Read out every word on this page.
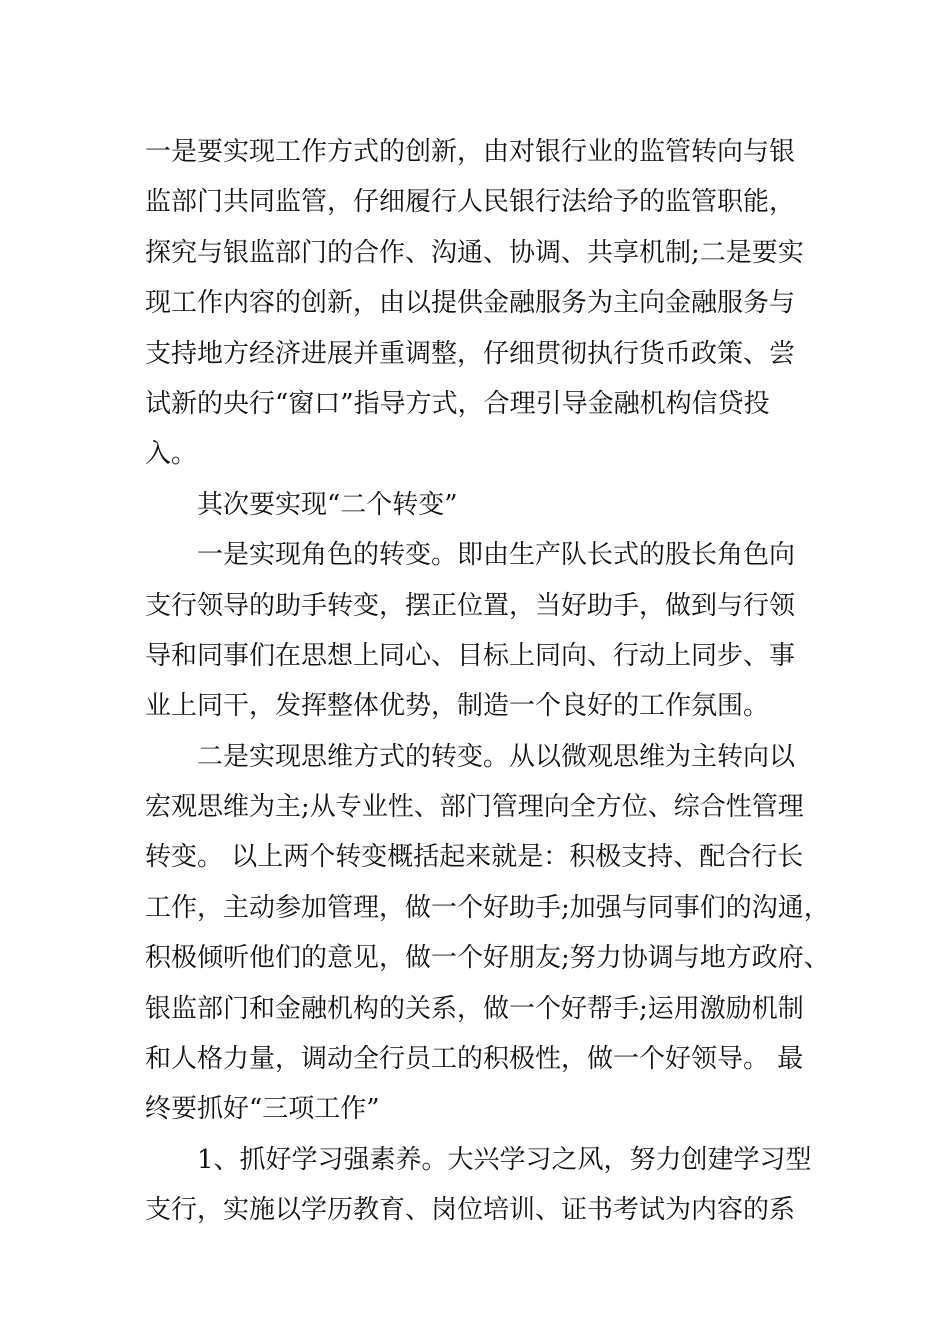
一是要实现工作方式的创新，由对银行业的监管转向与银
监部门共同监管，仔细履行人民银行法给予的监管职能，
探究与银监部门的合作、沟通、协调、共享机制;二是要实
现工作内容的创新，由以提供金融服务为主向金融服务与
支持地方经济进展并重调整，仔细贯彻执行货币政策、尝
试新的央行“窗口”指导方式，合理引导金融机构信贷投
入。
其次要实现“二个转变”
一是实现角色的转变。即由生产队长式的股长角色向
支行领导的助手转变，摆正位置，当好助手，做到与行领
导和同事们在思想上同心、目标上同向、行动上同步、事
业上同干，发挥整体优势，制造一个良好的工作氛围。
二是实现思维方式的转变。从以微观思维为主转向以
宏观思维为主;从专业性、部门管理向全方位、综合性管理
转变。 以上两个转变概括起来就是：积极支持、配合行长
工作，主动参加管理，做一个好助手;加强与同事们的沟通，
积极倾听他们的意见，做一个好朋友;努力协调与地方政府、
银监部门和金融机构的关系，做一个好帮手;运用激励机制
和人格力量，调动全行员工的积极性，做一个好领导。 最
终要抓好“三项工作”
1、抓好学习强素养。大兴学习之风，努力创建学习型
支行，实施以学历教育、岗位培训、证书考试为内容的系
